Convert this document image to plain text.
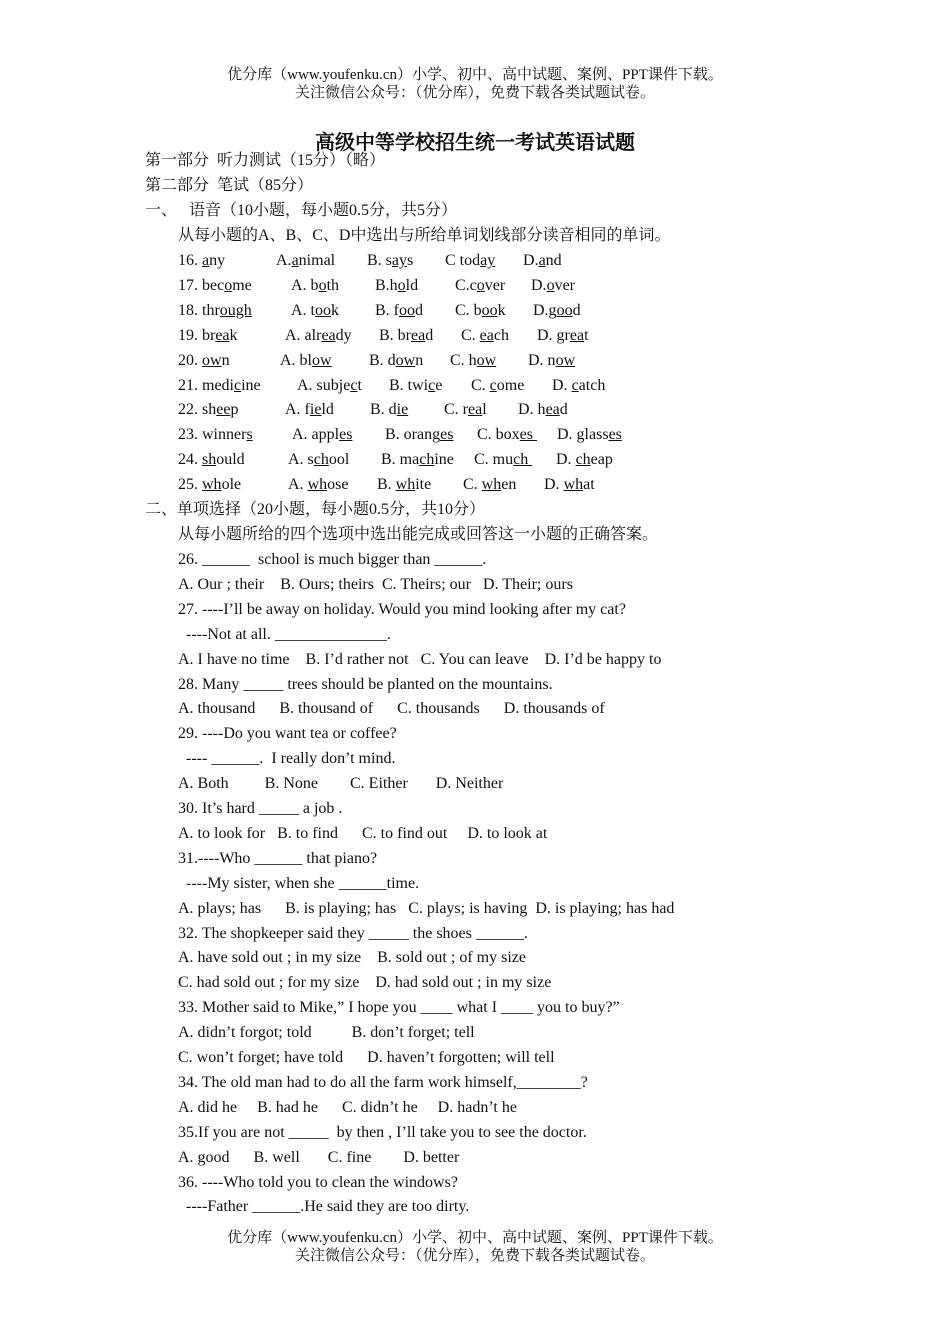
优分库（www.youfenku.cn）小学、初中、高中试题、案例、PPT课件下载。
关注微信公众号：（优分库），免费下载各类试题试卷。
高级中等学校招生统一考试英语试题
第一部分  听力测试（15分）（略）
第二部分  笔试（85分）
一、   语音（10小题，每小题0.5分，共5分）
从每小题的A、B、C、D中选出与所给单词划线部分读音相同的单词。
16. any	A.animal B. says C today D.and
17. become A. both B.hold C.cover D.over
18. through A. took B. food C. book D.good
19. break	A. already B. bread C. each D. great
20. own	A. blow B. down C. how D. now
21. medicine A. subject B. twice C. come D. catch
22. sheep	A. field B. die C. real D. head
23. winners A. apples B. oranges C. boxes D. glasses
24. should	A. school B. machine C. much D. cheap
25. whole	A. whose B. white C. when D. what
二、单项选择（20小题，每小题0.5分，共10分）
从每小题所给的四个选项中选出能完成或回答这一小题的正确答案。
26. ______  school is much bigger than ______.
A. Our ; their    B. Ours; theirs  C. Theirs; our   D. Their; ours
27. ----I’ll be away on holiday. Would you mind looking after my cat?
----Not at all. ______________.
A. I have no time    B. I’d rather not   C. You can leave    D. I’d be happy to
28. Many _____ trees should be planted on the mountains.
A. thousand      B. thousand of      C. thousands      D. thousands of
29. ----Do you want tea or coffee?
---- ______.  I really don’t mind.
A. Both         B. None        C. Either       D. Neither
30. It’s hard _____ a job .
A. to look for   B. to find      C. to find out     D. to look at
31.----Who ______ that piano?
----My sister, when she ______time.
A. plays; has      B. is playing; has   C. plays; is having  D. is playing; has had
32. The shopkeeper said they _____ the shoes ______.
A. have sold out ; in my size    B. sold out ; of my size
C. had sold out ; for my size    D. had sold out ; in my size
33. Mother said to Mike,” I hope you ____ what I ____ you to buy?”
A. didn’t forgot; told          B. don’t forget; tell
C. won’t forget; have told      D. haven’t forgotten; will tell
34. The old man had to do all the farm work himself,________?
A. did he     B. had he      C. didn’t he     D. hadn’t he
35.If you are not _____  by then , I’ll take you to see the doctor.
A. good      B. well       C. fine        D. better
36. ----Who told you to clean the windows?
----Father ______.He said they are too dirty.
优分库（www.youfenku.cn）小学、初中、高中试题、案例、PPT课件下载。
关注微信公众号：（优分库），免费下载各类试题试卷。
